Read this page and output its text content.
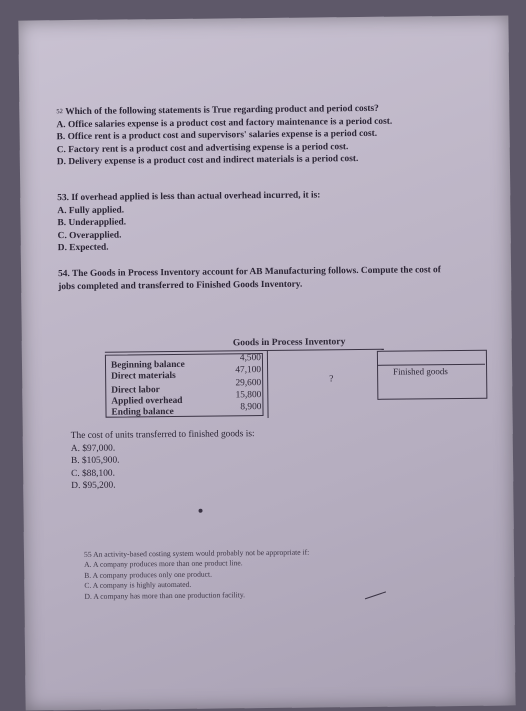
$^{52}$ Which of the following statements is True regarding product and period costs?
A. Office salaries expense is a product cost and factory maintenance is a period cost.
B. Office rent is a product cost and supervisors' salaries expense is a period cost.
C. Factory rent is a product cost and advertising expense is a period cost.
D. Delivery expense is a product cost and indirect materials is a period cost.
53. If overhead applied is less than actual overhead incurred, it is:
A. Fully applied.
B. Underapplied.
C. Overapplied.
D. Expected.
54. The Goods in Process Inventory account for AB Manufacturing follows. Compute the cost of
jobs completed and transferred to Finished Goods Inventory.
Goods in Process Inventory
Beginning balance
4,500
Direct materials
47,100
Direct labor
29,600
Applied overhead
15,800
Ending balance	8,900
?
Finished goods
The cost of units transferred to finished goods is:
A. $97,000.
B. $105,900.
C. $88,100.
D. $95,200.
55 An activity-based costing system would probably not be appropriate if:
A. A company produces more than one product line.
B. A company produces only one product.
C. A company is highly automated.
D. A company has more than one production facility.
